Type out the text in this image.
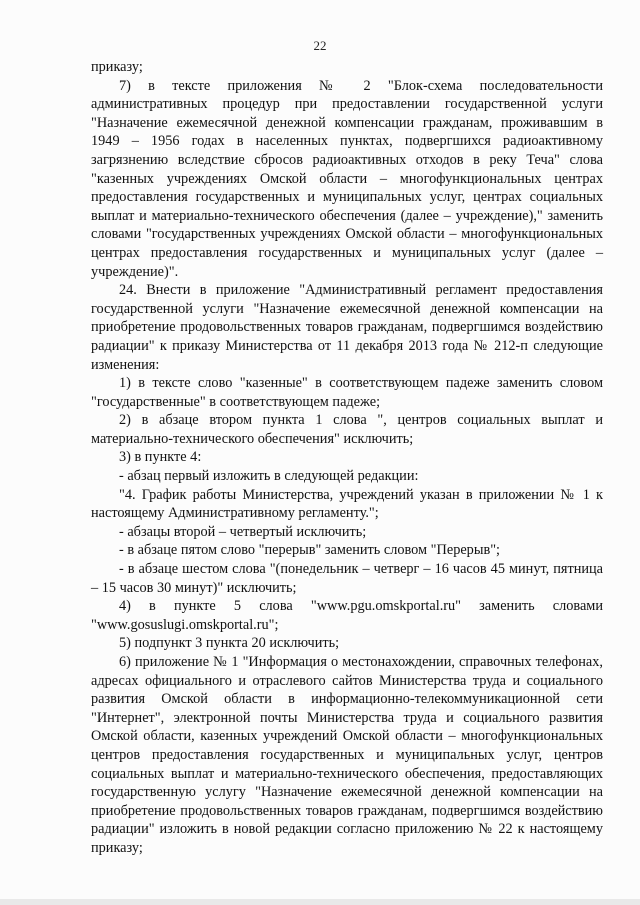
22

приказу;

7) в тексте приложения № 2 "Блок-схема последовательности административных процедур при предоставлении государственной услуги "Назначение ежемесячной денежной компенсации гражданам, проживавшим в 1949 – 1956 годах в населенных пунктах, подвергшихся радиоактивному загрязнению вследствие сбросов радиоактивных отходов в реку Теча" слова "казенных учреждениях Омской области – многофункциональных центрах предоставления государственных и муниципальных услуг, центрах социальных выплат и материально-технического обеспечения (далее – учреждение)," заменить словами "государственных учреждениях Омской области – многофункциональных центрах предоставления государственных и муниципальных услуг (далее – учреждение)".

24. Внести в приложение "Административный регламент предоставления государственной услуги "Назначение ежемесячной денежной компенсации на приобретение продовольственных товаров гражданам, подвергшимся воздействию радиации" к приказу Министерства от 11 декабря 2013 года № 212-п следующие изменения:

1) в тексте слово "казенные" в соответствующем падеже заменить словом "государственные" в соответствующем падеже;

2) в абзаце втором пункта 1 слова ", центров социальных выплат и материально-технического обеспечения" исключить;

3) в пункте 4:

- абзац первый изложить в следующей редакции:

"4. График работы Министерства, учреждений указан в приложении № 1 к настоящему Административному регламенту.";

- абзацы второй – четвертый исключить;

- в абзаце пятом слово "перерыв" заменить словом "Перерыв";

- в абзаце шестом слова "(понедельник – четверг – 16 часов 45 минут, пятница – 15 часов 30 минут)" исключить;

4) в пункте 5 слова "www.pgu.omskportal.ru" заменить словами "www.gosuslugi.omskportal.ru";

5) подпункт 3 пункта 20 исключить;

6) приложение № 1 "Информация о местонахождении, справочных телефонах, адресах официального и отраслевого сайтов Министерства труда и социального развития Омской области в информационно-телекоммуникационной сети "Интернет", электронной почты Министерства труда и социального развития Омской области, казенных учреждений Омской области – многофункциональных центров предоставления государственных и муниципальных услуг, центров социальных выплат и материально-технического обеспечения, предоставляющих государственную услугу "Назначение ежемесячной денежной компенсации на приобретение продовольственных товаров гражданам, подвергшимся воздействию радиации" изложить в новой редакции согласно приложению № 22 к настоящему приказу;
